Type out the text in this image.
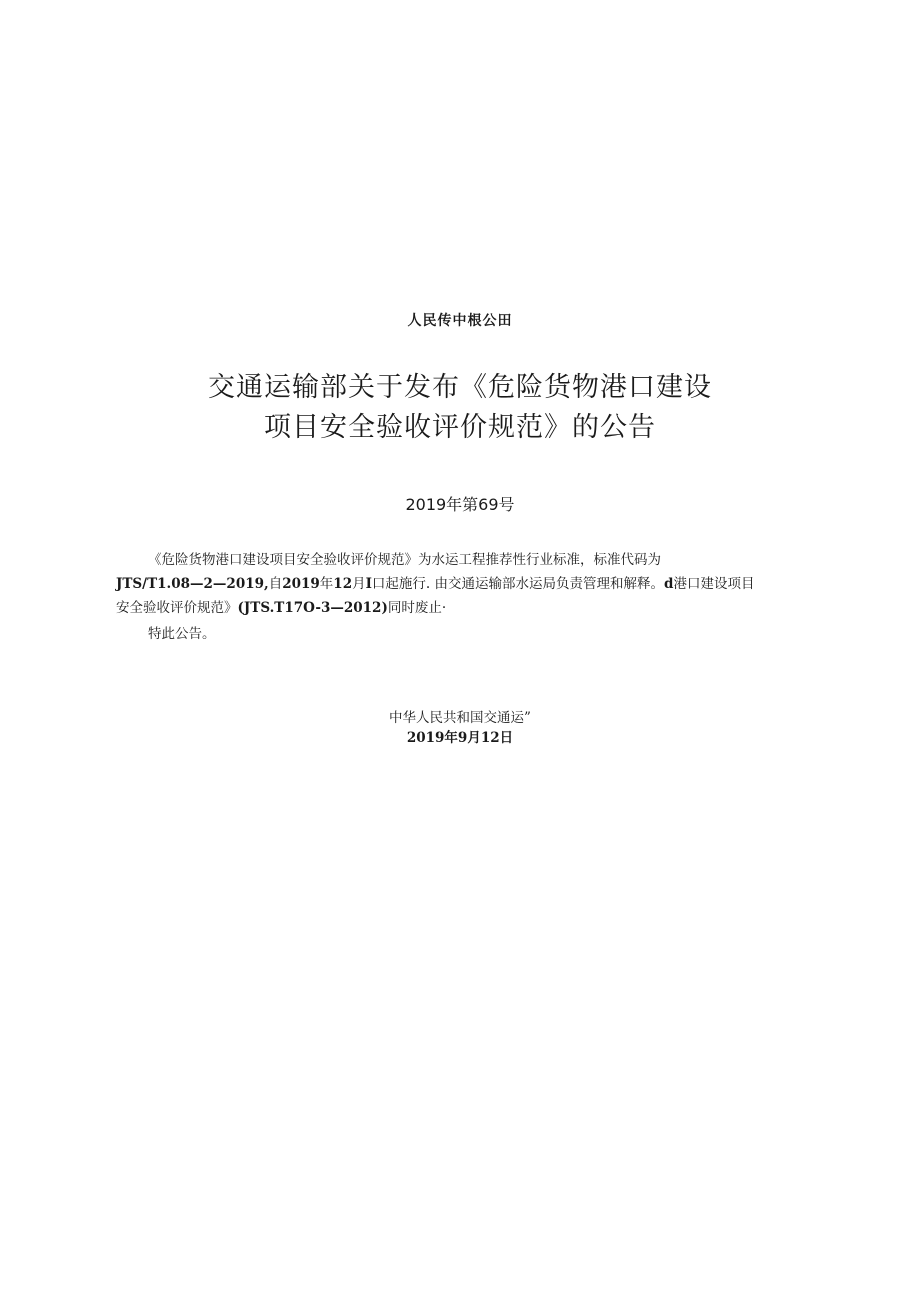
人民传中根公田
交通运输部关于发布《危险货物港口建设
项目安全验收评价规范》的公告
2019年第69号
《危险货物港口建设项目安全验收评价规范》为水运工程推荐性行业标准，标准代码为
JTS/T1.08—2—2019,自2019年12月I口起施行. 由交通运输部水运局负责管理和解释。d港口建设项目
安全验收评价规范》(JTS.T17O-3—2012)同时废止·
特此公告。
中华人民共和国交通运”
2019年9月12日
